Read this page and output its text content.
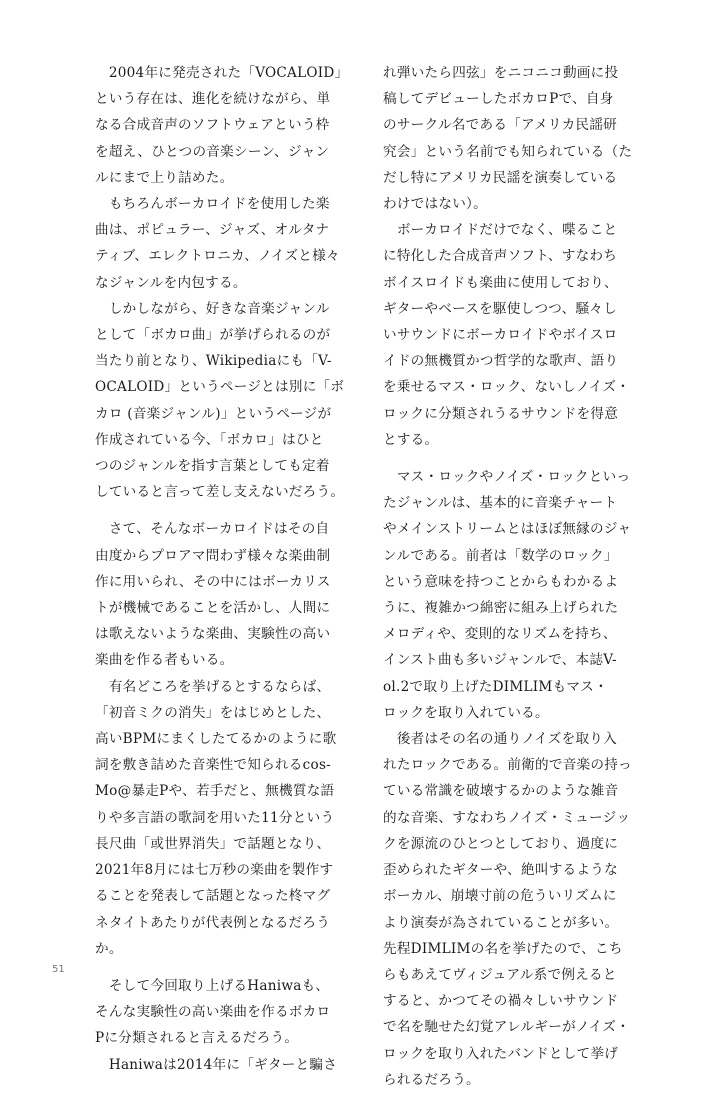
　2004年に発売された「VOCALOID」
という存在は、進化を続けながら、単
なる合成音声のソフトウェアという枠
を超え、ひとつの音楽シーン、ジャン
ルにまで上り詰めた。

　もちろんボーカロイドを使用した楽
曲は、ポピュラー、ジャズ、オルタナ
ティブ、エレクトロニカ、ノイズと様々
なジャンルを内包する。

　しかしながら、好きな音楽ジャンル
として「ボカロ曲」が挙げられるのが
当たり前となり、Wikipediaにも「V-
OCALOID」というページとは別に「ボ
カロ (音楽ジャンル)」というページが
作成されている今、「ボカロ」はひと
つのジャンルを指す言葉としても定着
していると言って差し支えないだろう。

　さて、そんなボーカロイドはその自
由度からプロアマ問わず様々な楽曲制
作に用いられ、その中にはボーカリス
トが機械であることを活かし、人間に
は歌えないような楽曲、実験性の高い
楽曲を作る者もいる。

　有名どころを挙げるとするならば、
「初音ミクの消失」をはじめとした、
高いBPMにまくしたてるかのように歌
詞を敷き詰めた音楽性で知られるcos-
Mo@暴走Pや、若手だと、無機質な語
りや多言語の歌詞を用いた11分という
長尺曲「或世界消失」で話題となり、
2021年8月には七万秒の楽曲を製作す
ることを発表して話題となった柊マグ
ネタイトあたりが代表例となるだろう
か。

　そして今回取り上げるHaniwaも、
そんな実験性の高い楽曲を作るボカロ
Pに分類されると言えるだろう。

　Haniwaは2014年に「ギターと騙さ

れ弾いたら四弦」をニコニコ動画に投
稿してデビューしたボカロPで、自身
のサークル名である「アメリカ民謡研
究会」という名前でも知られている（た
だし特にアメリカ民謡を演奏している
わけではない）。

　ボーカロイドだけでなく、喋ること
に特化した合成音声ソフト、すなわち
ボイスロイドも楽曲に使用しており、
ギターやベースを駆使しつつ、騒々し
いサウンドにボーカロイドやボイスロ
イドの無機質かつ哲学的な歌声、語り
を乗せるマス・ロック、ないしノイズ・
ロックに分類されうるサウンドを得意
とする。

　マス・ロックやノイズ・ロックといっ
たジャンルは、基本的に音楽チャート
やメインストリームとはほぼ無縁のジャ
ンルである。前者は「数学のロック」
という意味を持つことからもわかるよ
うに、複雑かつ綿密に組み上げられた
メロディや、変則的なリズムを持ち、
インスト曲も多いジャンルで、本誌V-
ol.2で取り上げたDIMLIMもマス・
ロックを取り入れている。

　後者はその名の通りノイズを取り入
れたロックである。前衛的で音楽の持っ
ている常識を破壊するかのような雑音
的な音楽、すなわちノイズ・ミュージッ
クを源流のひとつとしており、過度に
歪められたギターや、絶叫するような
ボーカル、崩壊寸前の危ういリズムに
より演奏が為されていることが多い。
先程DIMLIMの名を挙げたので、こち
らもあえてヴィジュアル系で例えると
すると、かつてその禍々しいサウンド
で名を馳せた幻覚アレルギーがノイズ・
ロックを取り入れたバンドとして挙げ
られるだろう。

51
